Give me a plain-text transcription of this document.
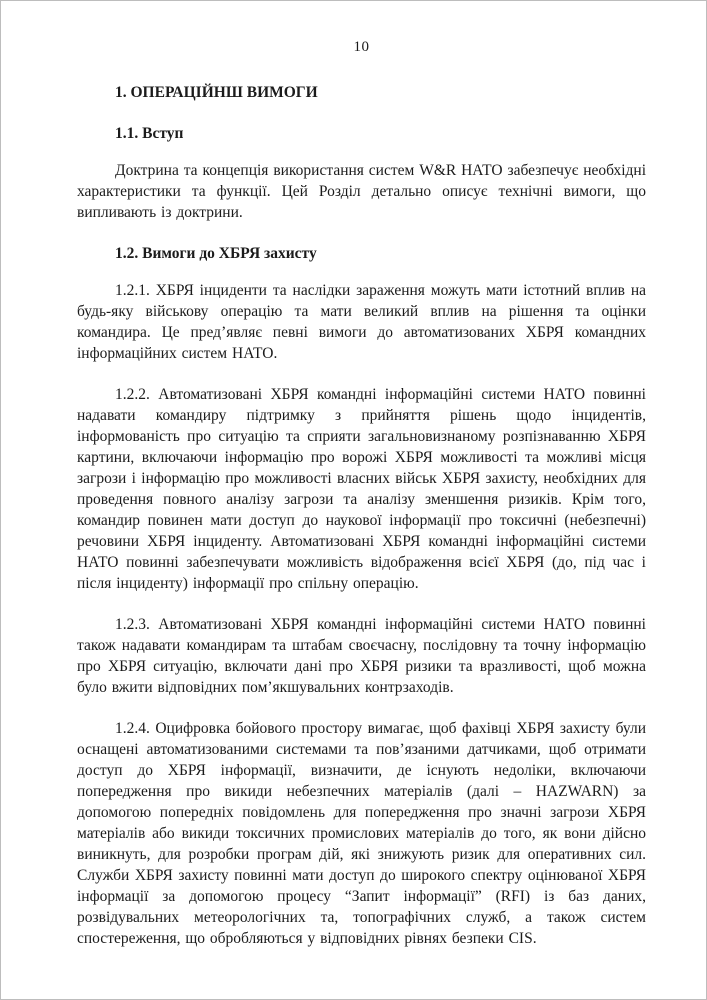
10
1. ОПЕРАЦІЙНШ ВИМОГИ
1.1. Вступ

Доктрина та концепція використання систем W&R НАТО забезпечує необхідні характеристики та функції. Цей Розділ детально описує технічні вимоги, що випливають із доктрини.

1.2. Вимоги до ХБРЯ захисту

1.2.1. ХБРЯ інциденти та наслідки зараження можуть мати істотний вплив на будь-яку військову операцію та мати великий вплив на рішення та оцінки командира. Це пред’являє певні вимоги до автоматизованих ХБРЯ командних інформаційних систем НАТО.

1.2.2. Автоматизовані ХБРЯ командні інформаційні системи НАТО повинні надавати командиру підтримку з прийняття рішень щодо інцидентів, інформованість про ситуацію та сприяти загальновизнаному розпізнаванню ХБРЯ картини, включаючи інформацію про ворожі ХБРЯ можливості та можливі місця загрози і інформацію про можливості власних військ ХБРЯ захисту, необхідних для проведення повного аналізу загрози та аналізу зменшення ризиків. Крім того, командир повинен мати доступ до наукової інформації про токсичні (небезпечні) речовини ХБРЯ інциденту. Автоматизовані ХБРЯ командні інформаційні системи НАТО повинні забезпечувати можливість відображення всієї ХБРЯ (до, під час і після інциденту) інформації про спільну операцію.

1.2.3. Автоматизовані ХБРЯ командні інформаційні системи НАТО повинні також надавати командирам та штабам своєчасну, послідовну та точну інформацію про ХБРЯ ситуацію, включати дані про ХБРЯ ризики та вразливості, щоб можна було вжити відповідних пом’якшувальних контрзаходів.

1.2.4. Оцифровка бойового простору вимагає, щоб фахівці ХБРЯ захисту були оснащені автоматизованими системами та пов’язаними датчиками, щоб отримати доступ до ХБРЯ інформації, визначити, де існують недоліки, включаючи попередження про викиди небезпечних матеріалів (далі – HAZWARN) за допомогою попередніх повідомлень для попередження про значні загрози ХБРЯ матеріалів або викиди токсичних промислових матеріалів до того, як вони дійсно виникнуть, для розробки програм дій, які знижують ризик для оперативних сил. Служби ХБРЯ захисту повинні мати доступ до широкого спектру оцінюваної ХБРЯ інформації за допомогою процесу “Запит інформації” (RFI) із баз даних, розвідувальних метеорологічних та, топографічних служб, а також систем спостереження, що обробляються у відповідних рівнях безпеки CIS.
